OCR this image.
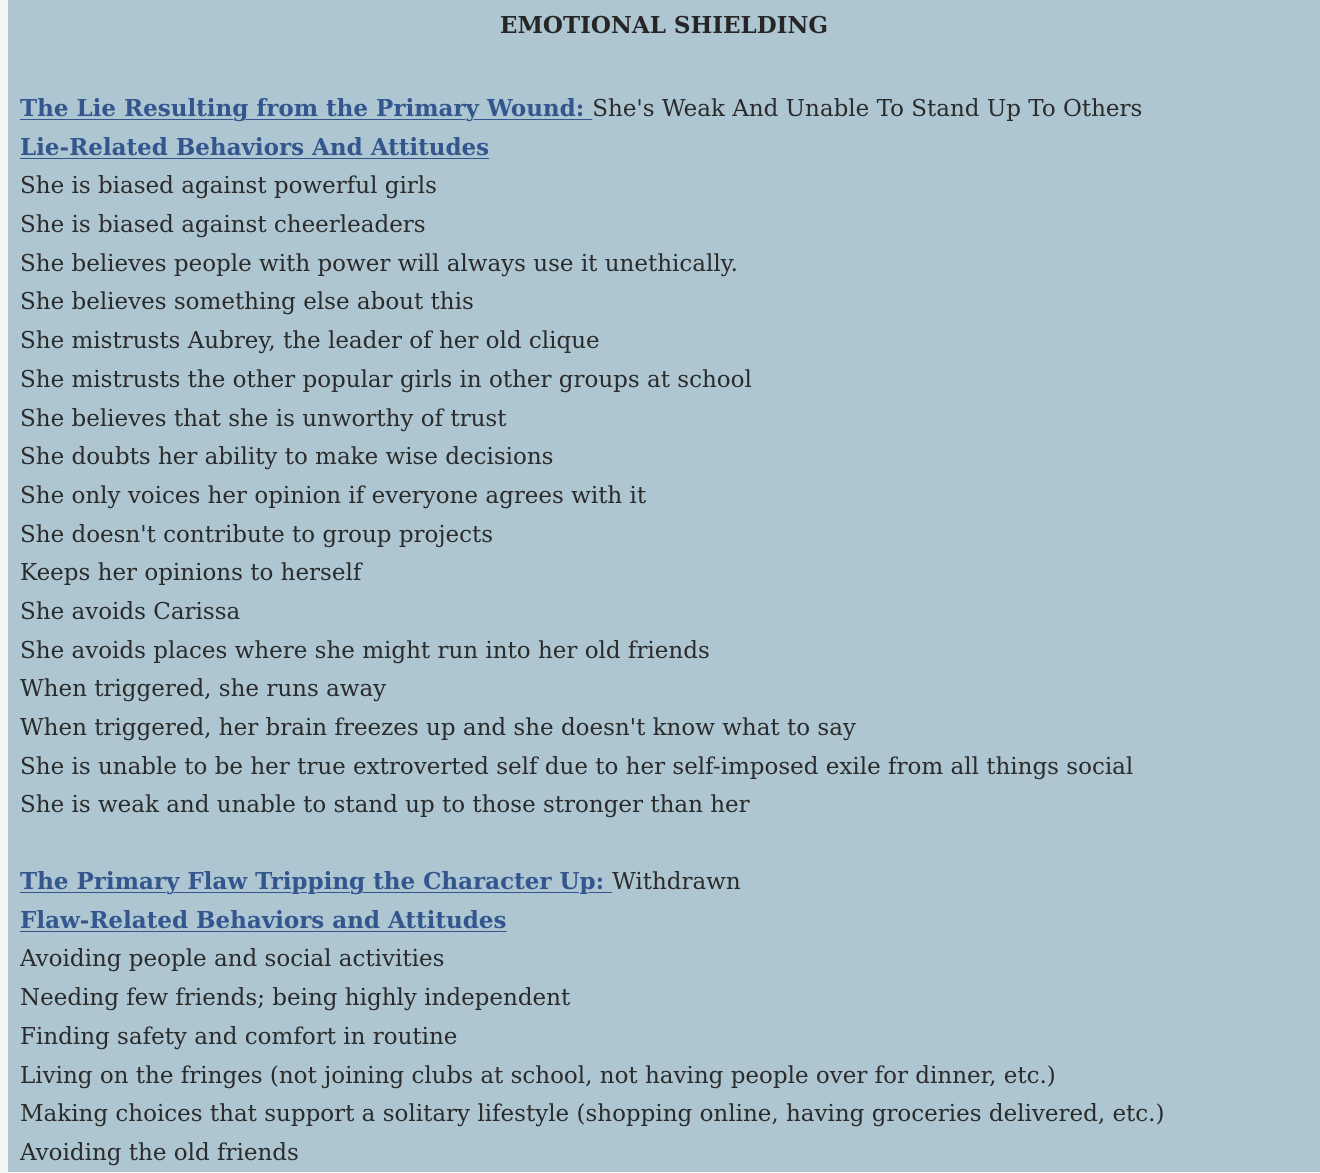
EMOTIONAL SHIELDING

The Lie Resulting from the Primary Wound: She's Weak And Unable To Stand Up To Others

Lie-Related Behaviors And Attitudes

She is biased against powerful girls
She is biased against cheerleaders
She believes people with power will always use it unethically.
She believes something else about this
She mistrusts Aubrey, the leader of her old clique
She mistrusts the other popular girls in other groups at school
She believes that she is unworthy of trust
She doubts her ability to make wise decisions
She only voices her opinion if everyone agrees with it
She doesn't contribute to group projects
Keeps her opinions to herself
She avoids Carissa
She avoids places where she might run into her old friends
When triggered, she runs away
When triggered, her brain freezes up and she doesn't know what to say
She is unable to be her true extroverted self due to her self-imposed exile from all things social
She is weak and unable to stand up to those stronger than her

The Primary Flaw Tripping the Character Up: Withdrawn

Flaw-Related Behaviors and Attitudes

Avoiding people and social activities
Needing few friends; being highly independent
Finding safety and comfort in routine
Living on the fringes (not joining clubs at school, not having people over for dinner, etc.)
Making choices that support a solitary lifestyle (shopping online, having groceries delivered, etc.)
Avoiding the old friends
